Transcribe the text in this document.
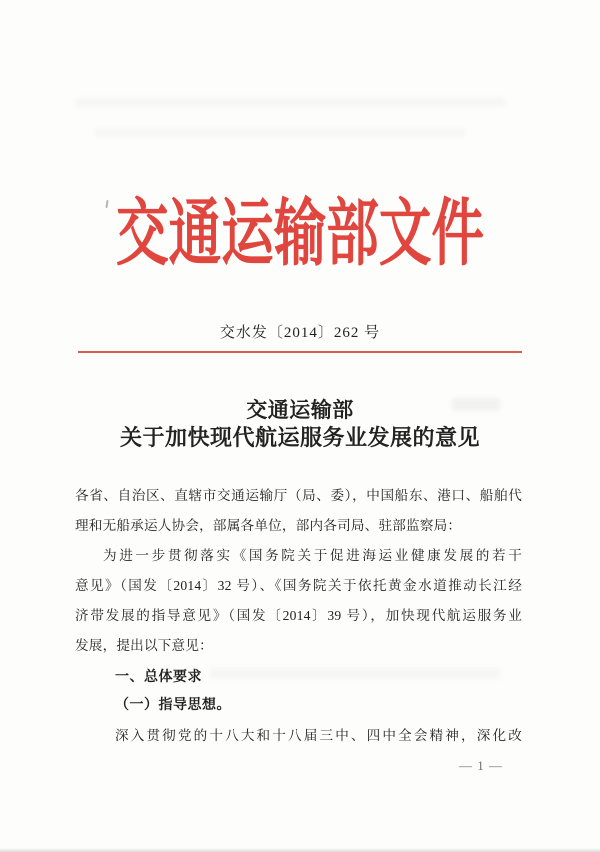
交通运输部文件
交水发〔2014〕262 号
交通运输部
关于加快现代航运服务业发展的意见
各省、自治区、直辖市交通运输厅（局、委），中国船东、港口、船舶代
理和无船承运人协会，部属各单位，部内各司局、驻部监察局：
为进一步贯彻落实《国务院关于促进海运业健康发展的若干
意见》（国发〔2014〕32 号）、《国务院关于依托黄金水道推动长江经
济带发展的指导意见》（国发〔2014〕39 号），加快现代航运服务业
发展，提出以下意见：
一、总体要求
（一）指导思想。
深入贯彻党的十八大和十八届三中、四中全会精神，深化改
— 1 —
